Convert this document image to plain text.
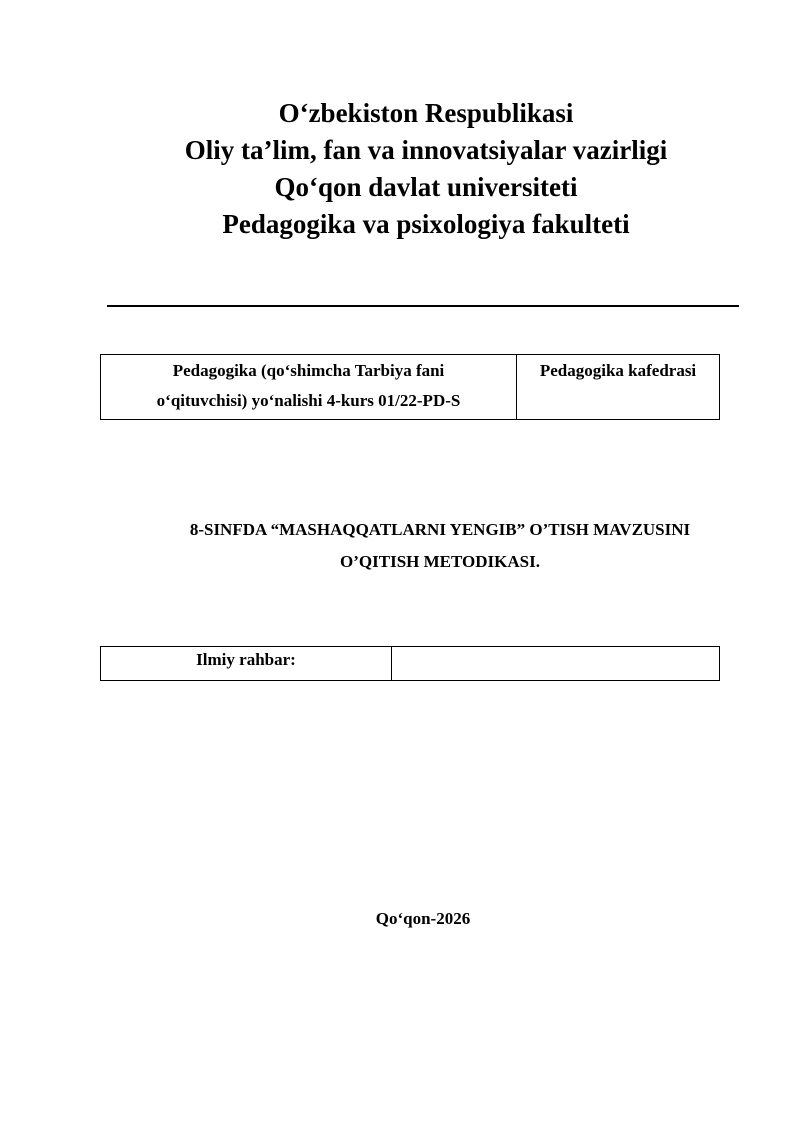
O‘zbekiston Respublikasi
Oliy ta’lim, fan va innovatsiyalar vazirligi
Qo‘qon davlat universiteti
Pedagogika va psixologiya fakulteti
Pedagogika (qo‘shimcha Tarbiya fani
o‘qituvchisi) yo‘nalishi 4-kurs 01/22-PD-S
Pedagogika kafedrasi
8-SINFDA “MASHAQQATLARNI YENGIB” O’TISH MAVZUSINI
O’QITISH METODIKASI.
Ilmiy rahbar:
Qo‘qon-2026
